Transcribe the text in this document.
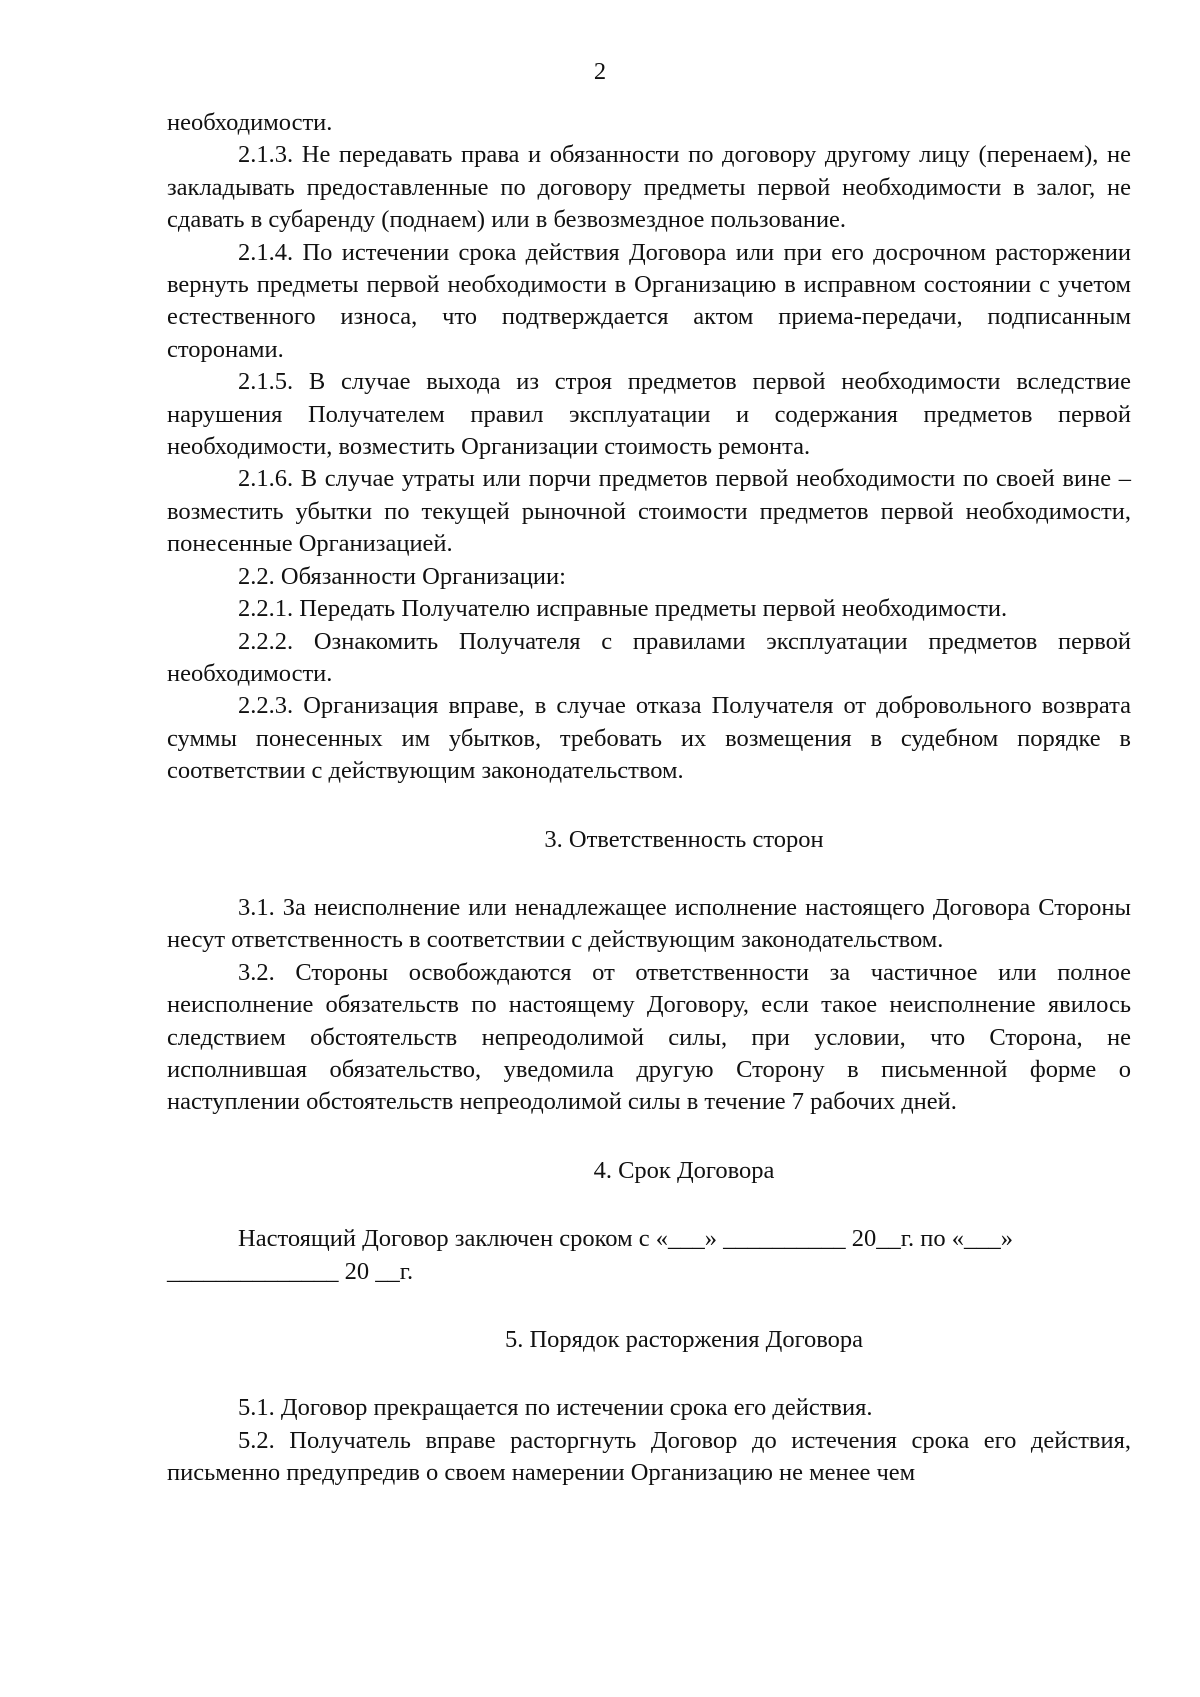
2

необходимости.

2.1.3. Не передавать права и обязанности по договору другому лицу (перенаем), не закладывать предоставленные по договору предметы первой необходимости в залог, не сдавать в субаренду (поднаем) или в безвозмездное пользование.

2.1.4. По истечении срока действия Договора или при его досрочном расторжении вернуть предметы первой необходимости в Организацию в исправном состоянии с учетом естественного износа, что подтверждается актом приема-передачи, подписанным сторонами.

2.1.5. В случае выхода из строя предметов первой необходимости вследствие нарушения Получателем правил эксплуатации и содержания предметов первой необходимости, возместить Организации стоимость ремонта.

2.1.6. В случае утраты или порчи предметов первой необходимости по своей вине – возместить убытки по текущей рыночной стоимости предметов первой необходимости, понесенные Организацией.

2.2. Обязанности Организации:

2.2.1. Передать Получателю исправные предметы первой необходимости.

2.2.2. Ознакомить Получателя с правилами эксплуатации предметов первой необходимости.

2.2.3. Организация вправе, в случае отказа Получателя от добровольного возврата суммы понесенных им убытков, требовать их возмещения в судебном порядке в соответствии с действующим законодательством.

3. Ответственность сторон

3.1. За неисполнение или ненадлежащее исполнение настоящего Договора Стороны несут ответственность в соответствии с действующим законодательством.

3.2. Стороны освобождаются от ответственности за частичное или полное неисполнение обязательств по настоящему Договору, если такое неисполнение явилось следствием обстоятельств непреодолимой силы, при условии, что Сторона, не исполнившая обязательство, уведомила другую Сторону в письменной форме о наступлении обстоятельств непреодолимой силы в течение 7 рабочих дней.

4. Срок Договора

Настоящий Договор заключен сроком с «___» __________ 20__г. по «___»

______________ 20 __г.

5. Порядок расторжения Договора

5.1. Договор прекращается по истечении срока его действия.

5.2. Получатель вправе расторгнуть Договор до истечения срока его действия, письменно предупредив о своем намерении Организацию не менее чем
